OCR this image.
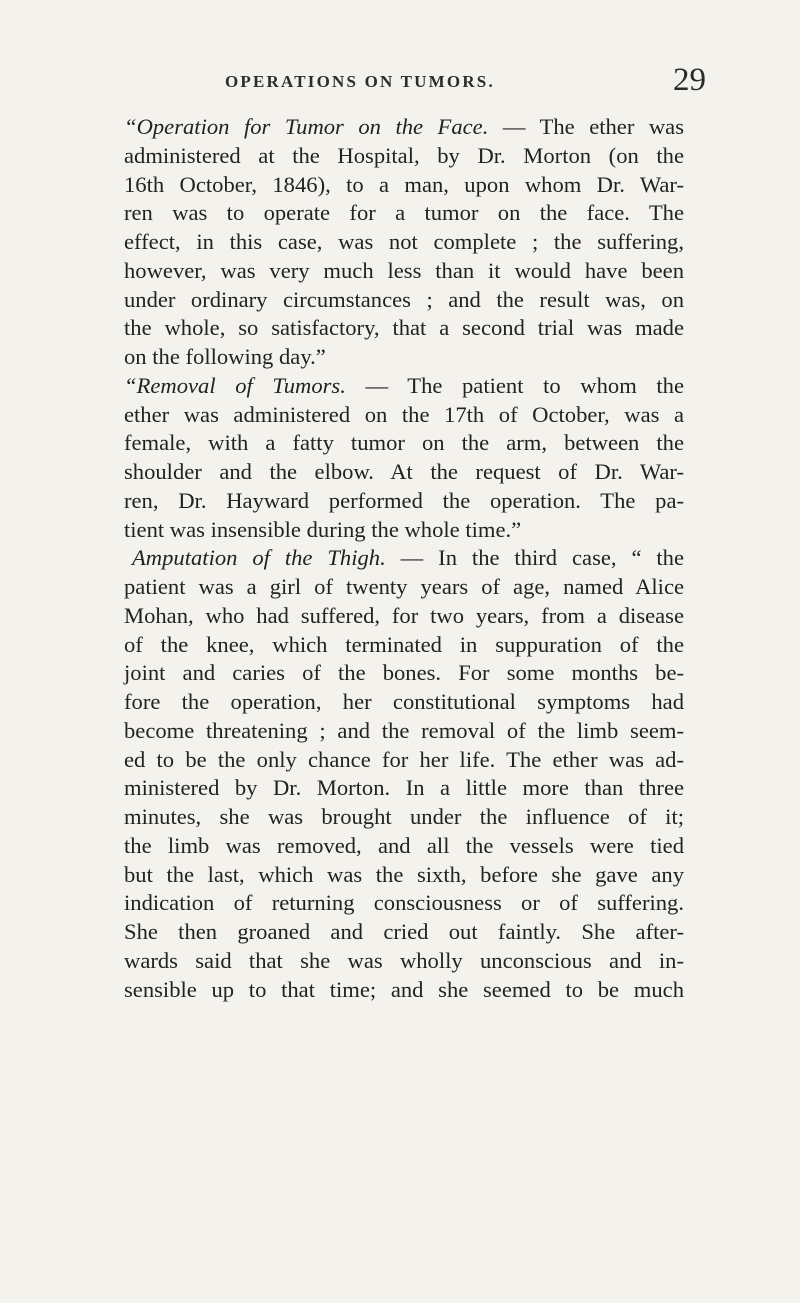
OPERATIONS ON TUMORS.	29
“Operation for Tumor on the Face. — The ether was
administered at the Hospital, by Dr. Morton (on the
16th October, 1846), to a man, upon whom Dr. War-
ren was to operate for a tumor on the face. The
effect, in this case, was not complete ; the suffering,
however, was very much less than it would have been
under ordinary circumstances ; and the result was, on
the whole, so satisfactory, that a second trial was made
on the following day.”
“Removal of Tumors. — The patient to whom the
ether was administered on the 17th of October, was a
female, with a fatty tumor on the arm, between the
shoulder and the elbow. At the request of Dr. War-
ren, Dr. Hayward performed the operation. The pa-
tient was insensible during the whole time.”
Amputation of the Thigh. — In the third case, “ the
patient was a girl of twenty years of age, named Alice
Mohan, who had suffered, for two years, from a disease
of the knee, which terminated in suppuration of the
joint and caries of the bones. For some months be-
fore the operation, her constitutional symptoms had
become threatening ; and the removal of the limb seem-
ed to be the only chance for her life. The ether was ad-
ministered by Dr. Morton. In a little more than three
minutes, she was brought under the influence of it;
the limb was removed, and all the vessels were tied
but the last, which was the sixth, before she gave any
indication of returning consciousness or of suffering.
She then groaned and cried out faintly. She after-
wards said that she was wholly unconscious and in-
sensible up to that time; and she seemed to be much
